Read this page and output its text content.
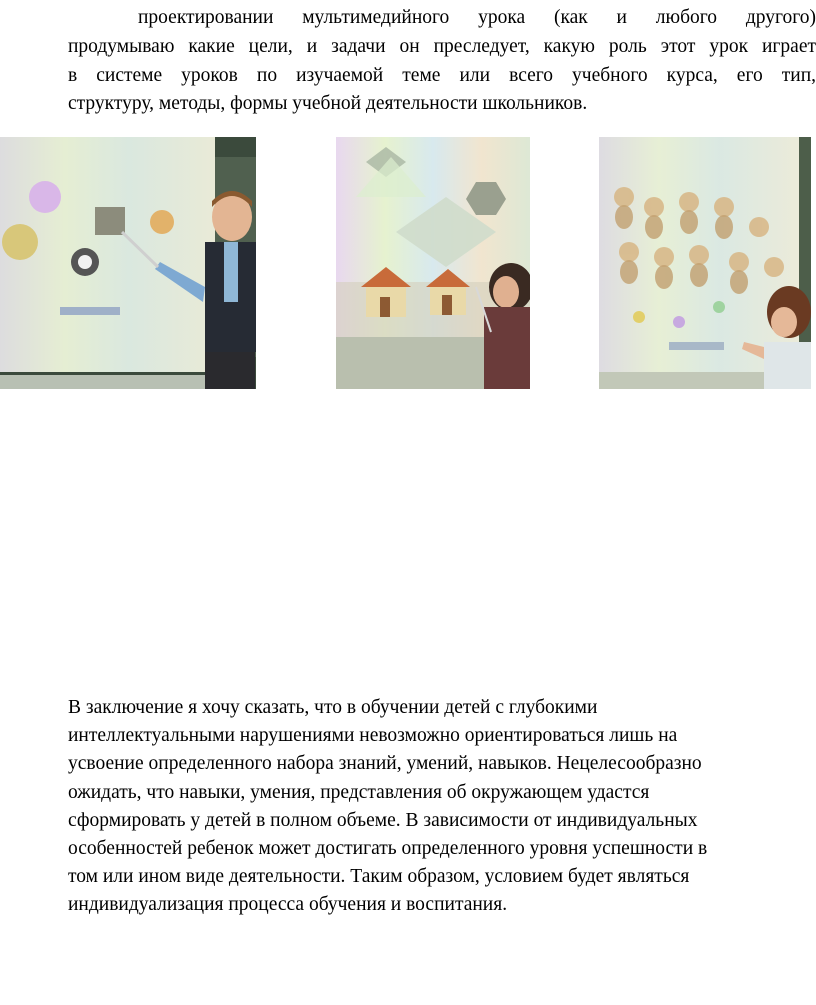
проектировании мультимедийного урока (как и любого другого)
продумываю какие цели, и задачи он преследует, какую роль этот урок играет
в системе уроков по изучаемой теме или всего учебного курса, его тип,
структуру, методы, формы учебной деятельности школьников.

В заключение я хочу сказать, что в обучении детей с глубокими
интеллектуальными нарушениями невозможно ориентироваться лишь на
усвоение определенного набора знаний, умений, навыков. Нецелесообразно
ожидать, что навыки, умения, представления об окружающем удастся
сформировать у детей в полном объеме. В зависимости от индивидуальных
особенностей ребенок может достигать определенного уровня успешности в
том или ином виде деятельности. Таким образом, условием будет являться
индивидуализация процесса обучения и воспитания.
